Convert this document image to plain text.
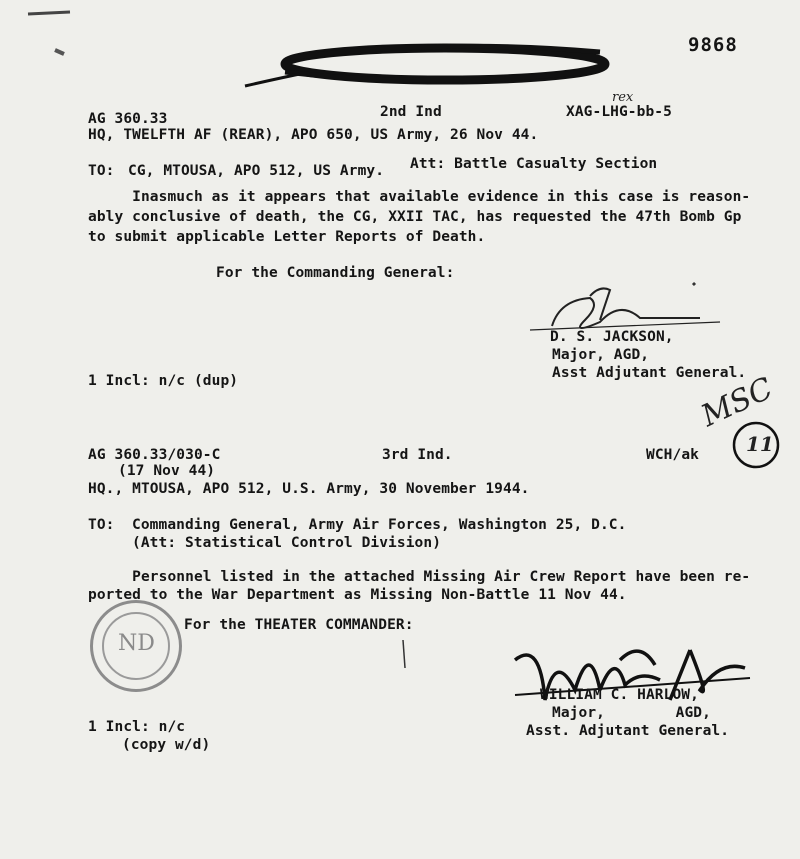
9868
AG 360.33	2nd Ind	XAG-LHG-bb-5
rex
HQ, TWELFTH AF (REAR), APO 650, US Army, 26 Nov 44.
TO: CG, MTOUSA, APO 512, US Army. Att: Battle Casualty Section
Inasmuch as it appears that available evidence in this case is reason-
ably conclusive of death, the CG, XXII TAC, has requested the 47th Bomb Gp
to submit applicable Letter Reports of Death.
For the Commanding General:
D. S. JACKSON,
Major, AGD,
Asst Adjutant General.
1 Incl: n/c (dup)	MSC
11
AG 360.33/030-C
(17 Nov 44)
3rd Ind.	WCH/ak
HQ., MTOUSA, APO 512, U.S. Army, 30 November 1944.
TO: Commanding General, Army Air Forces, Washington 25, D.C.
(Att: Statistical Control Division)
Personnel listed in the attached Missing Air Crew Report have been re-
ported to the War Department as Missing Non-Battle 11 Nov 44.
ND
For the THEATER COMMANDER:
WILLIAM C. HARLOW,
Major,        AGD,
Asst. Adjutant General.
1 Incl: n/c
(copy w/d)
